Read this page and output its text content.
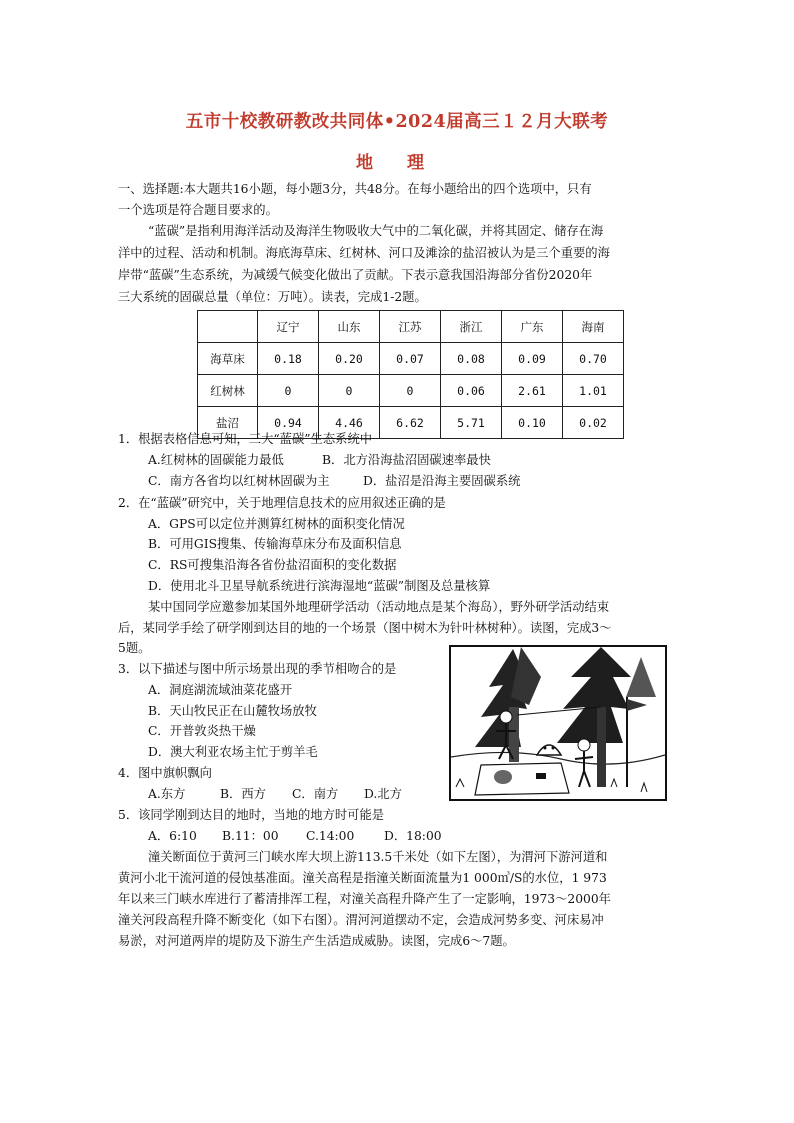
五市十校教研教改共同体•2024届高三１２月大联考
地 理
一、选择题:本大题共16小题，每小题3分，共48分。在每小题给出的四个选项中，只有
一个选项是符合题目要求的。
“蓝碳”是指利用海洋活动及海洋生物吸收大气中的二氧化碳，并将其固定、储存在海
洋中的过程、活动和机制。海底海草床、红树林、河口及滩涂的盐沼被认为是三个重要的海
岸带“蓝碳”生态系统，为减缓气候变化做出了贡献。下表示意我国沿海部分省份2020年
三大系统的固碳总量（单位：万吨）。读表，完成1-2题。
	辽宁	山东	江苏	浙江	广东	海南
海草床	0.18	0.20	0.07	0.08	0.09	0.70
红树林	0	0	0	0.06	2.61	1.01
盐沼	0.94	4.46	6.62	5.71	0.10	0.02
1．根据表格信息可知，三大“蓝碳”生态系统中
A.红树林的固碳能力最低	B．北方沿海盐沼固碳速率最快
C．南方各省均以红树林固碳为主	D．盐沼是沿海主要固碳系统
2．在“蓝碳”研究中，关于地理信息技术的应用叙述正确的是
A．GPS可以定位并测算红树林的面积变化情况
B．可用GIS搜集、传输海草床分布及面积信息
C．RS可搜集沿海各省份盐沼面积的变化数据
D．使用北斗卫星导航系统进行滨海湿地“蓝碳”制图及总量核算
某中国同学应邀参加某国外地理研学活动（活动地点是某个海岛），野外研学活动结束
后，某同学手绘了研学刚到达目的地的一个场景（图中树木为针叶林树种）。读图，完成3～
5题。
3．以下描述与图中所示场景出现的季节相吻合的是
A．洞庭湖流域油菜花盛开
B．天山牧民正在山麓牧场放牧
C．开普敦炎热干燥
D．澳大利亚农场主忙于剪羊毛
4．图中旗帜飘向
A.东方	B．西方 C．南方 D.北方
5．该同学刚到达目的地时，当地的地方时可能是
A．6:10 B.11：00 C.14:00 D．18:00
潼关断面位于黄河三门峡水库大坝上游113.5千米处（如下左图），为渭河下游河道和
黄河小北干流河道的侵蚀基准面。潼关高程是指潼关断面流量为1 000㎥/S的水位，1 973
年以来三门峡水库进行了蓄清排浑工程，对潼关高程升降产生了一定影响，1973～2000年
潼关河段高程升降不断变化（如下右图）。渭河河道摆动不定，会造成河势多变、河床易冲
易淤，对河道两岸的堤防及下游生产生活造成威胁。读图，完成6～7题。
